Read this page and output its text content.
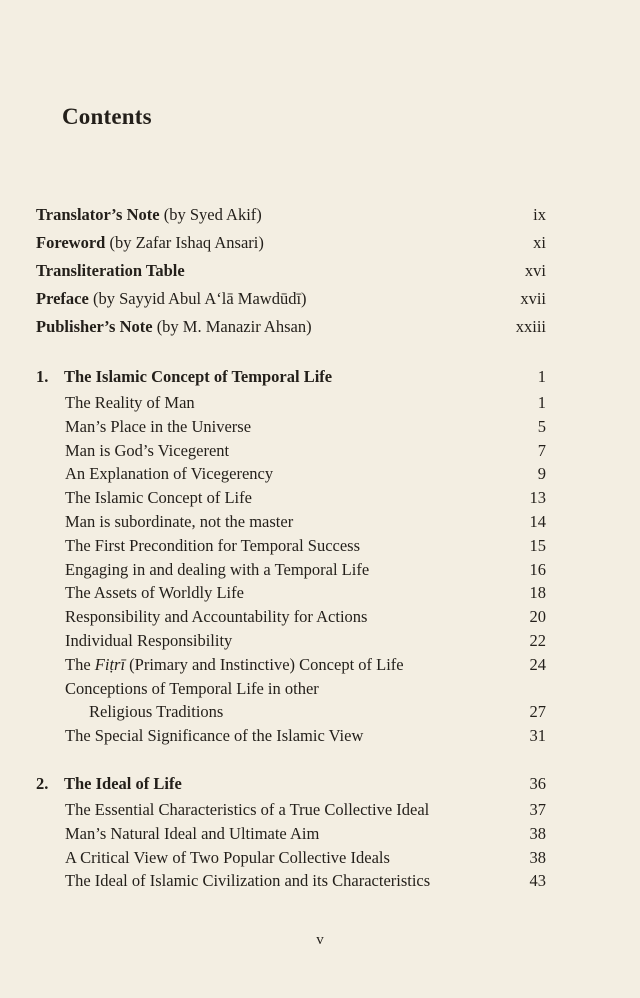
Contents
Translator’s Note (by Syed Akif)	ix
Foreword (by Zafar Ishaq Ansari)	xi
Transliteration Table	xvi
Preface (by Sayyid Abul A‘lā Mawdūdī)	xvii
Publisher’s Note (by M. Manazir Ahsan)	xxiii
1. The Islamic Concept of Temporal Life	1
The Reality of Man	1
Man’s Place in the Universe	5
Man is God’s Vicegerent	7
An Explanation of Vicegerency	9
The Islamic Concept of Life	13
Man is subordinate, not the master	14
The First Precondition for Temporal Success	15
Engaging in and dealing with a Temporal Life	16
The Assets of Worldly Life	18
Responsibility and Accountability for Actions	20
Individual Responsibility	22
The Fiṭrī (Primary and Instinctive) Concept of Life	24
Conceptions of Temporal Life in other
Religious Traditions	27
The Special Significance of the Islamic View	31
2. The Ideal of Life	36
The Essential Characteristics of a True Collective Ideal	37
Man’s Natural Ideal and Ultimate Aim	38
A Critical View of Two Popular Collective Ideals	38
The Ideal of Islamic Civilization and its Characteristics	43
v
